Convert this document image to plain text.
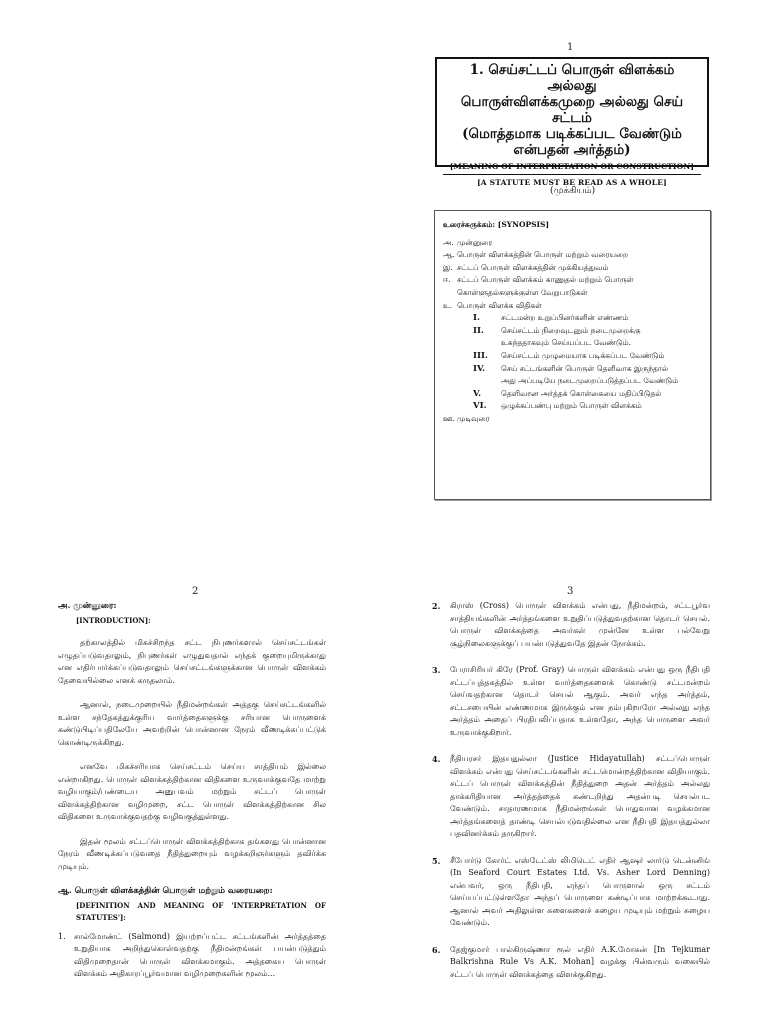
1
1. செய்சட்டப் பொருள் விளக்கம் அல்லது
பொருள்விளக்கமுறை அல்லது செய் சட்டம்
(மொத்தமாக படிக்கப்பட வேண்டும்
என்பதன் அர்த்தம்)
[MEANING OF INTERPRETATION OR CONSTRUCTION]
[A STATUTE MUST BE READ AS A WHOLE]
(முக்கியம்)
உரைச்சுருக்கம்: [SYNOPSIS]
அ. முன்னுரை
ஆ. பொருள் விளக்கத்தின் பொருள் மற்றும் வரையறை
இ. சட்டப் பொருள் விளக்கத்தின் முக்கியத்துவம்
ஈ. சட்டப் பொருள் விளக்கம் காணுதல் மற்றும் பொருள்
கொள்ளுதல்களுக்குள்ள வேறுபாடுகள்
உ. பொருள் விளக்க விதிகள்
I.	சட்டமன்ற உறுப்பினர்களின் எண்ணம்
II.	செய்சட்டம் நிறைவுடனும் நடைமுறைக்கு
உகந்ததாகவும் செய்யப்பட வேண்டும்.
III.	செய்சட்டம் முழுமையாக படிக்கப்பட வேண்டும்
IV.	செய் சட்டங்களின் பொருள் தெளிவாக இருந்தால்
அது அப்படியே நடைமுறைப்படுத்தப்பட வேண்டும்
V.	தெளிவான அர்த்தக் கொள்கையை மதிப்பிடுதல்
VI.	ஒழுக்கப்பண்பு மற்றும் பொருள் விளக்கம்
ஊ. முடிவுரை
2
அ. முன்னுரை:
[INTRODUCTION]:
தற்காலத்தில் மிகச்சிறந்த சட்ட நிபுணர்களால் செய்சட்டங்கள் எழுதப்படுவதாலும், நிபுணர்கள் எழுதுவதால் எந்தக் குறையுமிருக்காது என எதிர்பார்க்கப்படுவதாலும் செய்சட்டங்களுக்கான பொருள் விளக்கம் தேவையில்லை எனக் கருதலாம்.
ஆனால், நடைமுறையில் நீதிமன்றங்கள் அத்தகு செய்சட்டங்களில் உள்ள சந்தேகத்துக்குரிய வார்த்தைகளுக்கு சரியான பொருளைக் கண்டுபிடிப்பதிலேயே அவற்றின் பொன்னான நேரம் வீணடிக்கப்பட்டுக் கொண்டிருக்கிறது.
எனவே மிகச்சரியாக செய்சட்டம் செய்ய சாத்தியம் இல்லை என்றாகிறது. பொருள் விளக்கத்திற்கான விதிகளை உருவாக்குவதே மாற்று வழியாகும்/பண்டைய அனுபவம் மற்றும் சட்டப் பொருள் விளக்கத்திற்கான வழிமுறை, சட்ட பொருள் விளக்கத்திற்கான சில விதிகளை உருவாக்குவதற்கு வழிவகுத்துள்ளது.
இதன் மூலம் சட்டப்பொருள் விளக்கத்திற்காக தங்களது பொன்னான நேரம் வீணடிக்கப்படுவதை நீதித்துறையும் வழக்கறிஞர்களும் தவிர்க்க முடியும்.
ஆ. பொருள் விளக்கத்தின் பொருள் மற்றும் வரையறை:
[DEFINITION AND MEANING OF 'INTERPRETATION OF STATUTES']:
1.	சால்மோண்ட் (Salmond) இயற்றப்பட்ட சட்டங்களின் அர்த்தத்தை உறுதியாக அறிந்துகொள்வதற்கு நீதிமன்றங்கள் பயன்படுத்தும் விதிமுறைதான் பொருள் விளக்கமாகும். அத்தகைய பொருள் விளக்கம் அதிகாரப்பூர்வமான வழிமுறைகளின் மூலம்...
3
2.	கிராஸ் (Cross) பொருள் விளக்கம் என்பது, நீதிமன்றம், சட்டபூர்வ சாத்தியங்களின் அர்த்தங்களை உறுதிப்படுத்துவதற்கான தொடர் செயல். பொருள் விளக்கத்தை அவர்கள் முன்னே உள்ள பல்வேறு சூழ்நிலைகளுக்குப் பயன்படுத்துவதே இதன் நோக்கம்.
3.	பேராசிரியர் கிரே (Prof. Gray) பொருள் விளக்கம் என்பது ஒரு நீதிபதி சட்டப்புத்தகத்தில் உள்ள வார்த்தைகளைக் கொண்டு சட்டமன்றம் செய்வதற்கான தொடர் செயல் ஆகும். அவர் எந்த அர்த்தம், சட்டசபையின் எண்ணமாக இருக்கும் என நம்புகிறாரோ அல்லது எந்த அர்த்தம் அதைப் பிரதிபலிப்பதாக உள்ளதோ, அந்த பொருளை அவர் உருவாக்குகிறார்.
4.	நீதியரசர் இதயதுல்லா (Justice Hidayatullah) சட்டப்பொருள் விளக்கம் என்பது செய்சட்டங்களின் சட்டமொன்றத்திற்கான விதியாகும். சட்டப் பொருள் விளக்கத்தின் நீதித்துறை அதன் அர்த்தம் அல்லது தாக்கரிதியான அர்த்தத்தைக் கண்டறிந்து அதன்படி செயல்பட வேண்டும். சாதாரணமாக நீதிமன்றங்கள் பொதுவான வழக்கமான அர்த்தங்களைத் தாண்டி செயல்படுவதில்லை என நீதிபதி இதயத்துல்லா பதவினர்க்கம் தருகிறார்.
5.	சீபோர்டு கோர்ட் எஸ்டேட்ஸ் லிமிடெட் எதிர் ஆஷர் லார்டு டென்னிங் (In Seaford Court Estates Ltd. Vs. Asher Lord Denning) என்பவர், ஒரு நீதிபதி, எந்தப் பொருளால் ஒரு சட்டம் செய்யப்பட்டுள்ளதோ அந்தப் பொருளை கண்டிப்பாக மாற்றக்கூடாது. ஆனால் அவர் அதிலுள்ள சுளைகளைச் சுழைய முடியும் மற்றும் சுழைய வேண்டும்.
6.	தேஜ்குமார் பால்கிருஷ்ணா ரூல் எதிர் A.K.மோகன் [In Tejkumar Balkrishna Rule Vs A.K. Mohan] வழக்கு பின்வரும் வகையில் சட்டப் பொருள் விளக்கத்தை விளக்குகிறது.
